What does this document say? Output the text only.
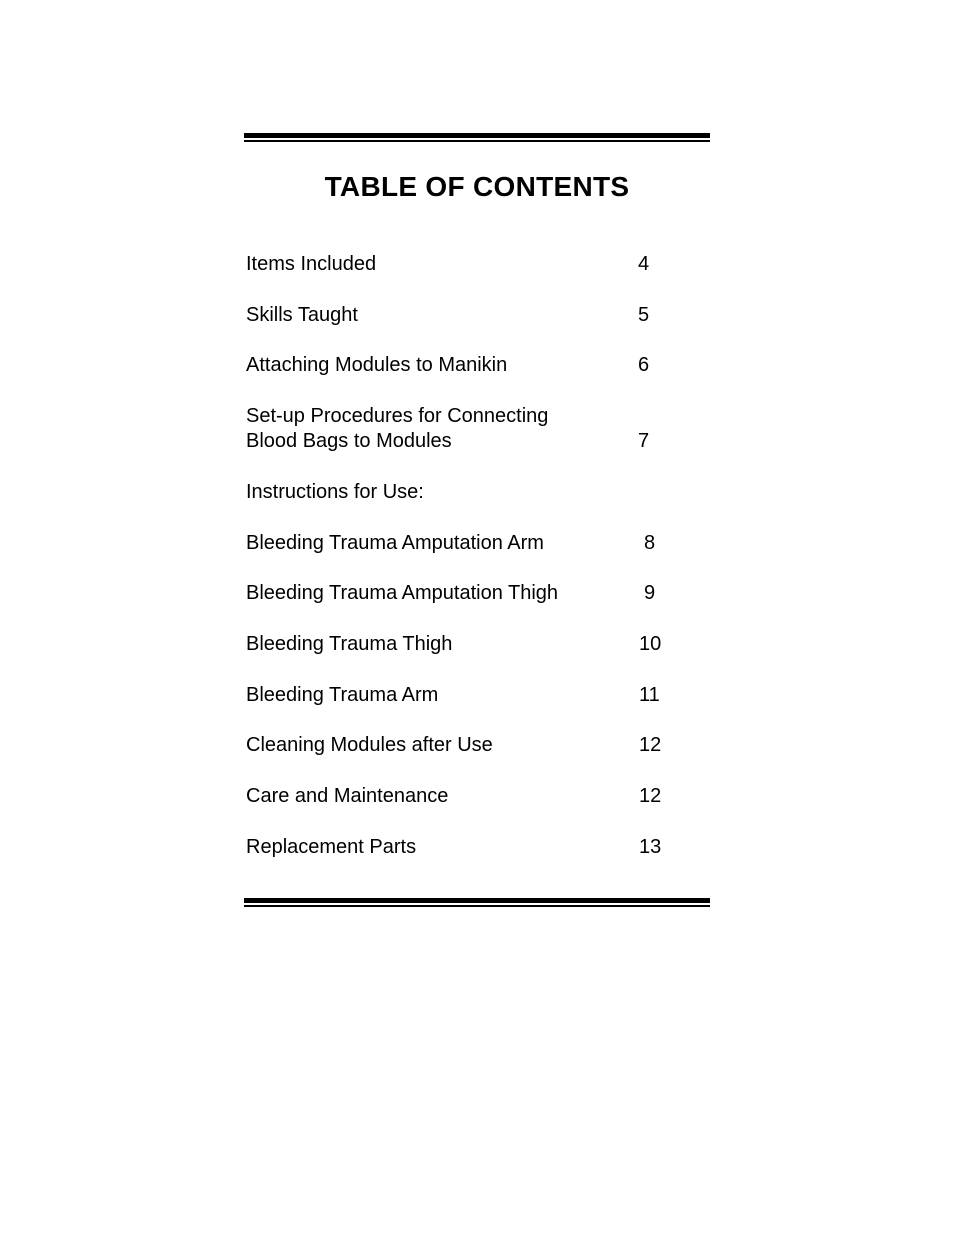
TABLE OF CONTENTS
Items Included	4
Skills Taught	5
Attaching Modules to Manikin	6
Set-up Procedures for Connecting
Blood Bags to Modules	7
Instructions for Use:
Bleeding Trauma Amputation Arm	8
Bleeding Trauma Amputation Thigh	9
Bleeding Trauma Thigh	10
Bleeding Trauma Arm	11
Cleaning Modules after Use	12
Care and Maintenance	12
Replacement Parts	13
